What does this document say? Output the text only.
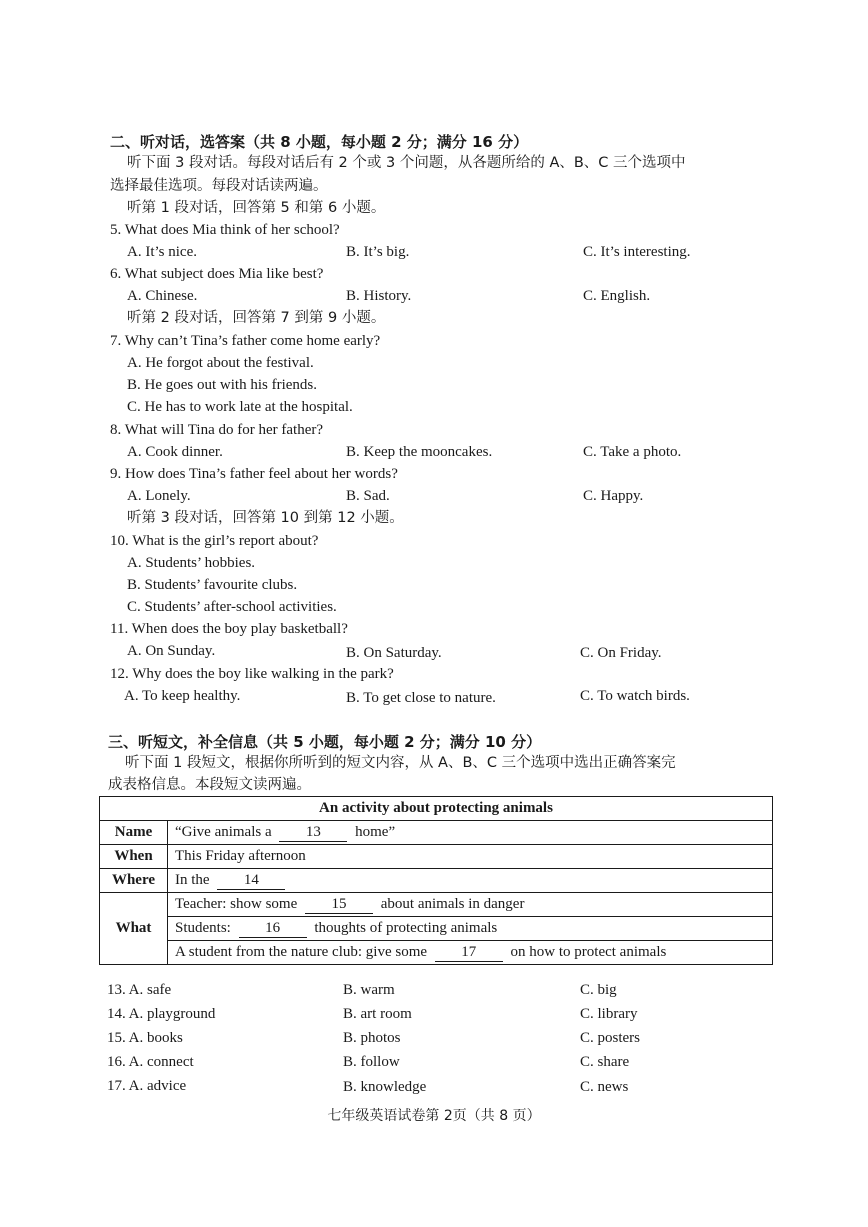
二、听对话，选答案（共 8 小题，每小题 2 分；满分 16 分）
听下面 3 段对话。每段对话后有 2 个或 3 个问题，从各题所给的 A、B、C 三个选项中
选择最佳选项。每段对话读两遍。
听第 1 段对话，回答第 5 和第 6 小题。
5. What does Mia think of her school?
A. It’s nice.	B. It’s big.	C. It’s interesting.
6. What subject does Mia like best?
A. Chinese.	B. History.	C. English.
听第 2 段对话，回答第 7 到第 9 小题。
7. Why can’t Tina’s father come home early?
A. He forgot about the festival.
B. He goes out with his friends.
C. He has to work late at the hospital.
8. What will Tina do for her father?
A. Cook dinner.	B. Keep the mooncakes.	C. Take a photo.
9. How does Tina’s father feel about her words?
A. Lonely.	B. Sad.	C. Happy.
听第 3 段对话，回答第 10 到第 12 小题。
10. What is the girl’s report about?
A. Students’ hobbies.
B. Students’ favourite clubs.
C. Students’ after-school activities.
11. When does the boy play basketball?
A. On Sunday.	B. On Saturday.	C. On Friday.
12. Why does the boy like walking in the park?
A. To keep healthy.	B. To get close to nature.	C. To watch birds.
三、听短文，补全信息（共 5 小题，每小题 2 分；满分 10 分）
听下面 1 段短文，根据你所听到的短文内容，从 A、B、C 三个选项中选出正确答案完
成表格信息。本段短文读两遍。
An activity about protecting animals	
Name	“Give animals a 13 home”
When	This Friday afternoon
Where	In the 14
What	Teacher: show some 15 about animals in danger
	Students: 16 thoughts of protecting animals
	A student from the nature club: give some 17 on how to protect animals
13. A. safe	B. warm	C. big
14. A. playground	B. art room	C. library
15. A. books	B. photos	C. posters
16. A. connect	B. follow	C. share
17. A. advice	B. knowledge	C. news
七年级英语试卷第 2页（共 8 页）
